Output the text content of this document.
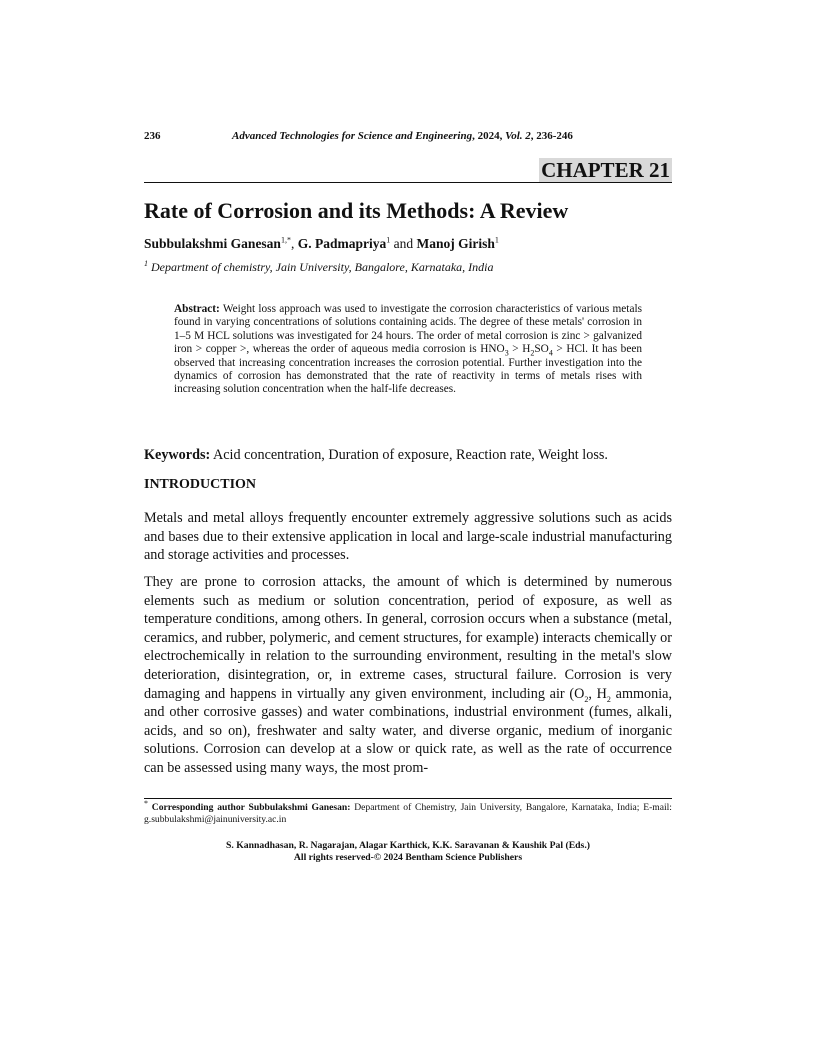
236	Advanced Technologies for Science and Engineering, 2024, Vol. 2, 236-246
CHAPTER 21
Rate of Corrosion and its Methods: A Review
Subbulakshmi Ganesan$^{1,*}$, G. Padmapriya$^1$ and Manoj Girish$^1$
$^1$ Department of chemistry, Jain University, Bangalore, Karnataka, India
Abstract: Weight loss approach was used to investigate the corrosion characteristics of various metals found in varying concentrations of solutions containing acids. The degree of these metals' corrosion in 1–5 M HCL solutions was investigated for 24 hours. The order of metal corrosion is zinc > galvanized iron > copper >, whereas the order of aqueous media corrosion is $HNO_3 > H_2SO_4$ > HCl. It has been observed that increasing concentration increases the corrosion potential. Further investigation into the dynamics of corrosion has demonstrated that the rate of reactivity in terms of metals rises with increasing solution concentration when the half-life decreases.
Keywords: Acid concentration, Duration of exposure, Reaction rate, Weight loss.
INTRODUCTION
Metals and metal alloys frequently encounter extremely aggressive solutions such as acids and bases due to their extensive application in local and large-scale industrial manufacturing and storage activities and processes.
They are prone to corrosion attacks, the amount of which is determined by numerous elements such as medium or solution concentration, period of exposure, as well as temperature conditions, among others. In general, corrosion occurs when a substance (metal, ceramics, and rubber, polymeric, and cement structures, for example) interacts chemically or electrochemically in relation to the surrounding environment, resulting in the metal's slow deterioration, disintegration, or, in extreme cases, structural failure. Corrosion is very damaging and happens in virtually any given environment, including air ($O_2$, $H_2$ ammonia, and other corrosive gasses) and water combinations, industrial environment (fumes, alkali, acids, and so on), freshwater and salty water, and diverse organic, medium of inorganic solutions. Corrosion can develop at a slow or quick rate, as well as the rate of occurrence can be assessed using many ways, the most prom-
* Corresponding author Subbulakshmi Ganesan: Department of Chemistry, Jain University, Bangalore, Karnataka, India; E-mail: g.subbulakshmi@jainuniversity.ac.in
S. Kannadhasan, R. Nagarajan, Alagar Karthick, K.K. Saravanan & Kaushik Pal (Eds.)
All rights reserved-© 2024 Bentham Science Publishers
